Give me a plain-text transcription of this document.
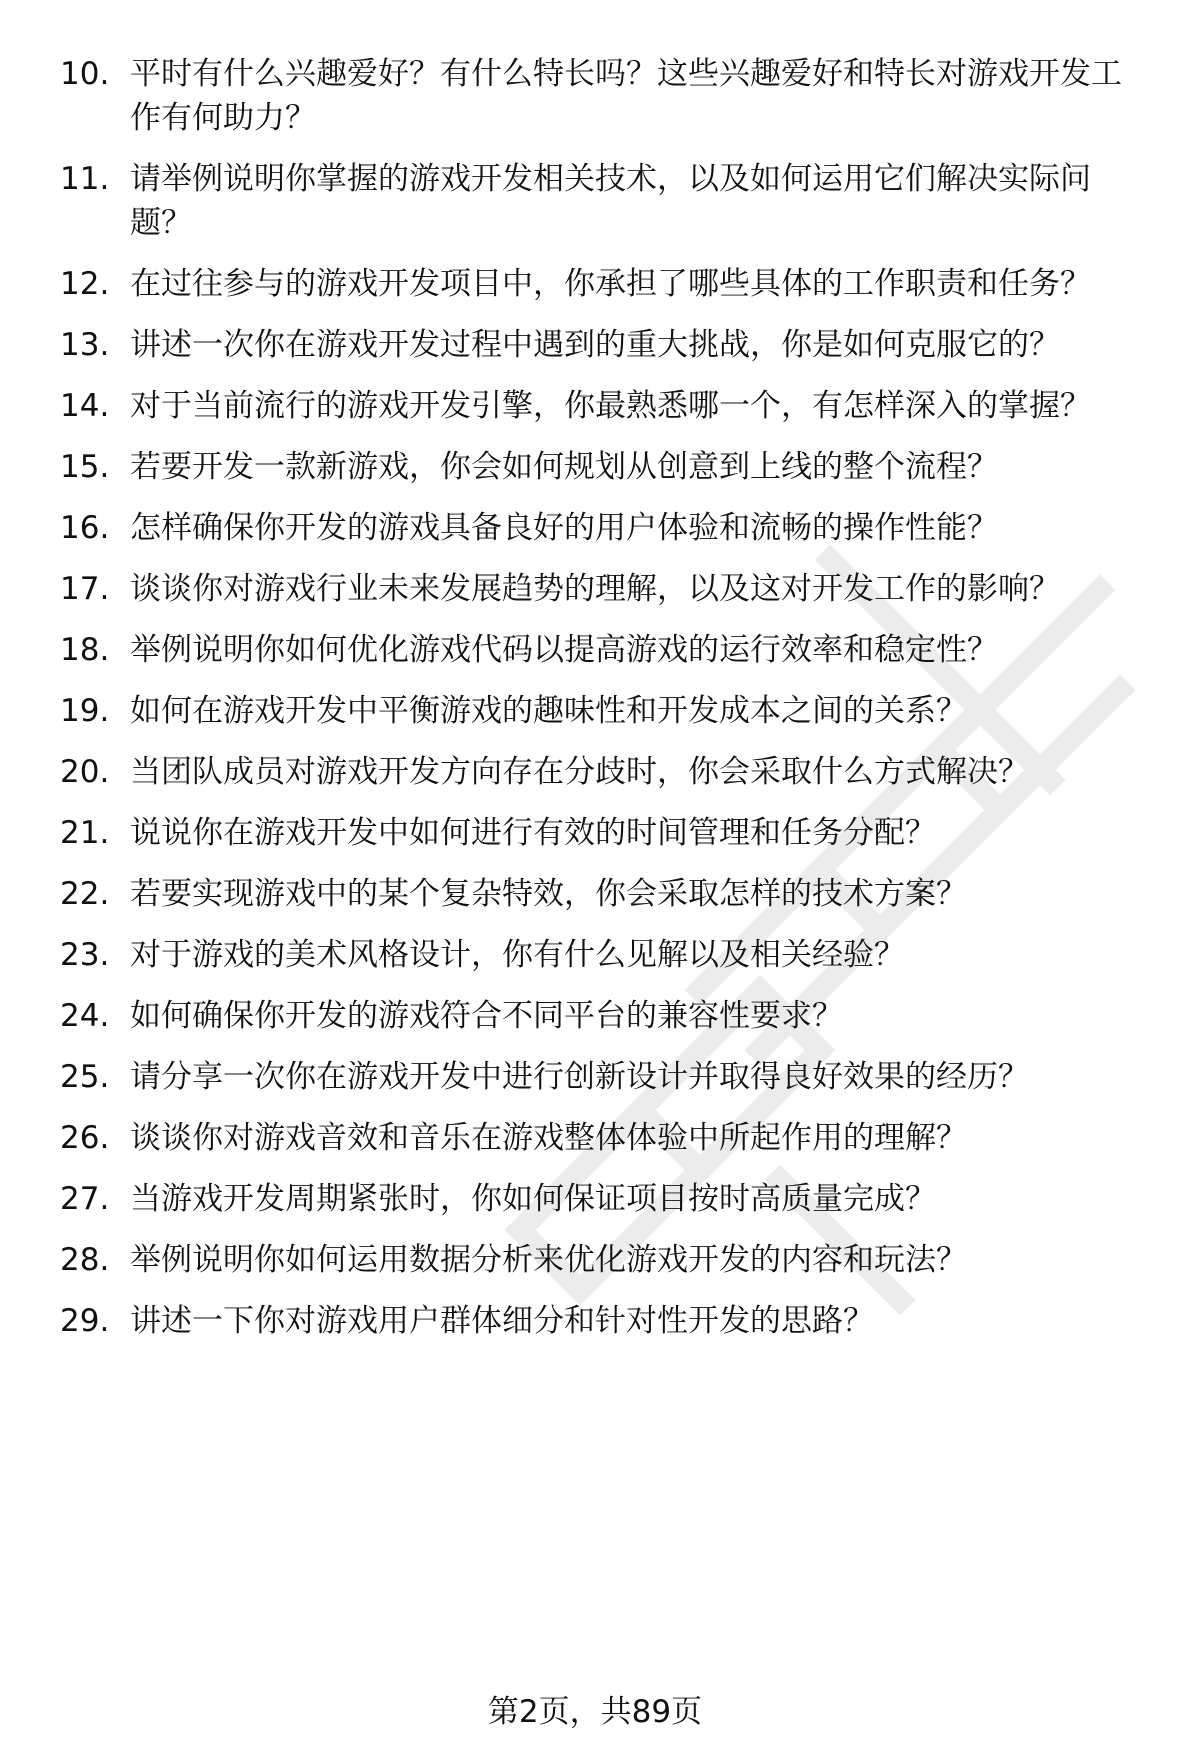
10. 平时有什么兴趣爱好？有什么特长吗？这些兴趣爱好和特长对游戏开发工作有何助力？
11. 请举例说明你掌握的游戏开发相关技术，以及如何运用它们解决实际问题？
12. 在过往参与的游戏开发项目中，你承担了哪些具体的工作职责和任务？
13. 讲述一次你在游戏开发过程中遇到的重大挑战，你是如何克服它的？
14. 对于当前流行的游戏开发引擎，你最熟悉哪一个，有怎样深入的掌握？
15. 若要开发一款新游戏，你会如何规划从创意到上线的整个流程？
16. 怎样确保你开发的游戏具备良好的用户体验和流畅的操作性能？
17. 谈谈你对游戏行业未来发展趋势的理解，以及这对开发工作的影响？
18. 举例说明你如何优化游戏代码以提高游戏的运行效率和稳定性？
19. 如何在游戏开发中平衡游戏的趣味性和开发成本之间的关系？
20. 当团队成员对游戏开发方向存在分歧时，你会采取什么方式解决？
21. 说说你在游戏开发中如何进行有效的时间管理和任务分配？
22. 若要实现游戏中的某个复杂特效，你会采取怎样的技术方案？
23. 对于游戏的美术风格设计，你有什么见解以及相关经验？
24. 如何确保你开发的游戏符合不同平台的兼容性要求？
25. 请分享一次你在游戏开发中进行创新设计并取得良好效果的经历？
26. 谈谈你对游戏音效和音乐在游戏整体体验中所起作用的理解？
27. 当游戏开发周期紧张时，你如何保证项目按时高质量完成？
28. 举例说明你如何运用数据分析来优化游戏开发的内容和玩法？
29. 讲述一下你对游戏用户群体细分和针对性开发的思路？
第2页，共89页
